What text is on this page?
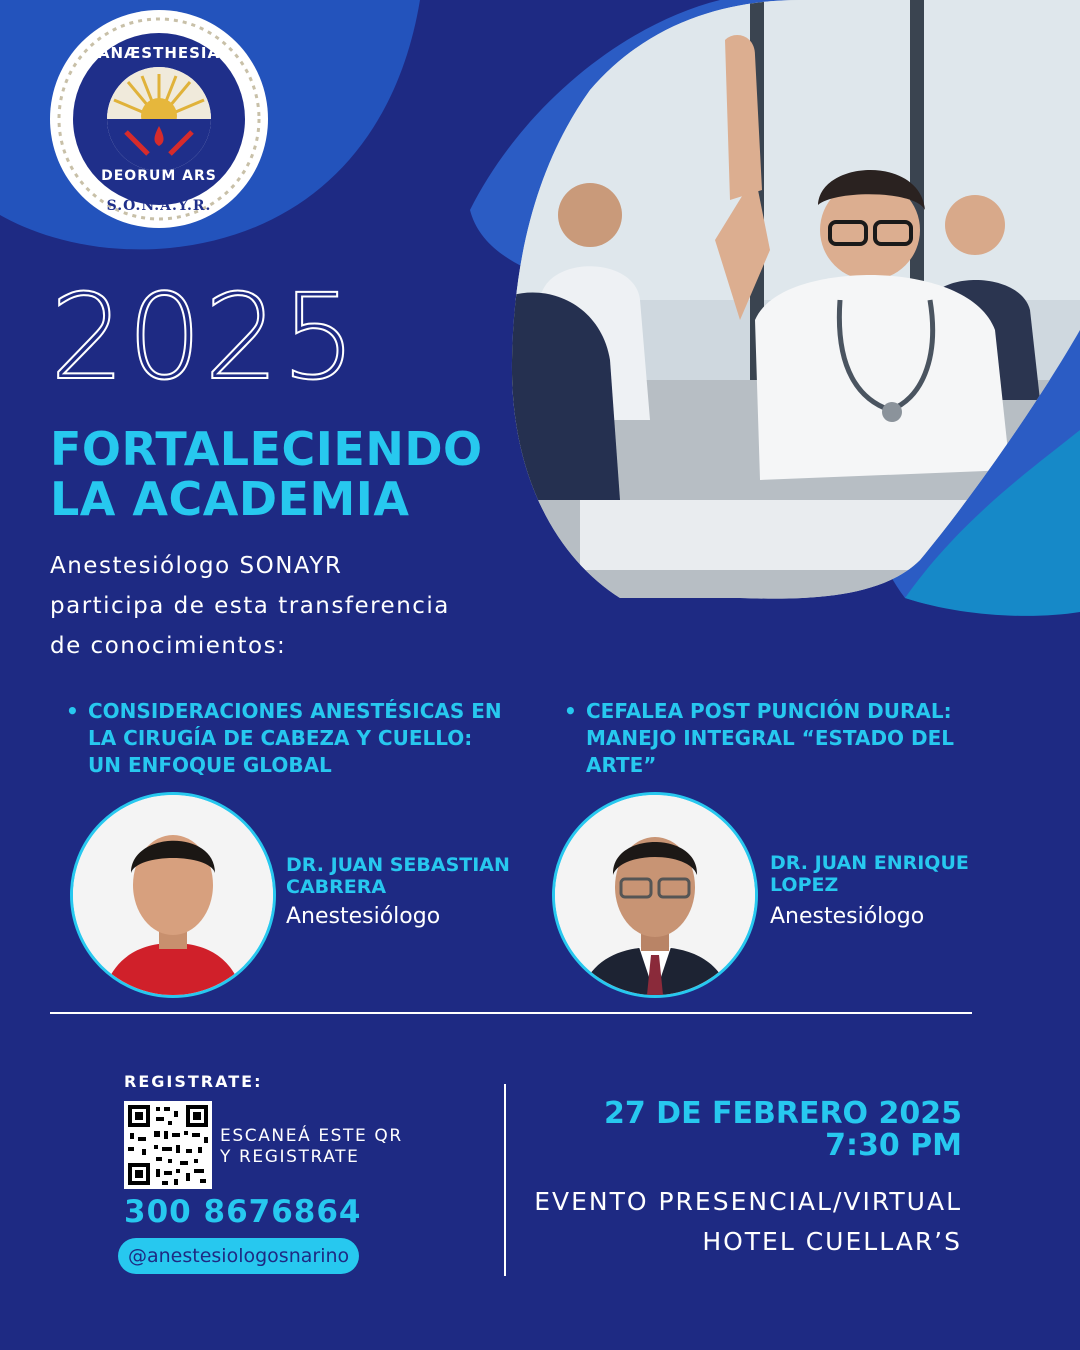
ANÆSTHESIA
DEORUM ARS
S.O.N.A.Y.R.
2025
FORTALECIENDO
LA ACADEMIA
Anestesiólogo SONAYR
participa de esta transferencia
de conocimientos:
• CONSIDERACIONES ANESTÉSICAS EN
LA CIRUGÍA DE CABEZA Y CUELLO:
UN ENFOQUE GLOBAL
• CEFALEA POST PUNCIÓN DURAL:
MANEJO INTEGRAL “ESTADO DEL
ARTE”
DR. JUAN SEBASTIAN
CABRERA
Anestesiólogo
DR. JUAN ENRIQUE
LOPEZ
Anestesiólogo
REGISTRATE:
ESCANEÁ ESTE QR
Y REGISTRATE
300 8676864
@anestesiologosnarino
27 DE FEBRERO 2025
7:30 PM
EVENTO PRESENCIAL/VIRTUAL
HOTEL CUELLAR’S
